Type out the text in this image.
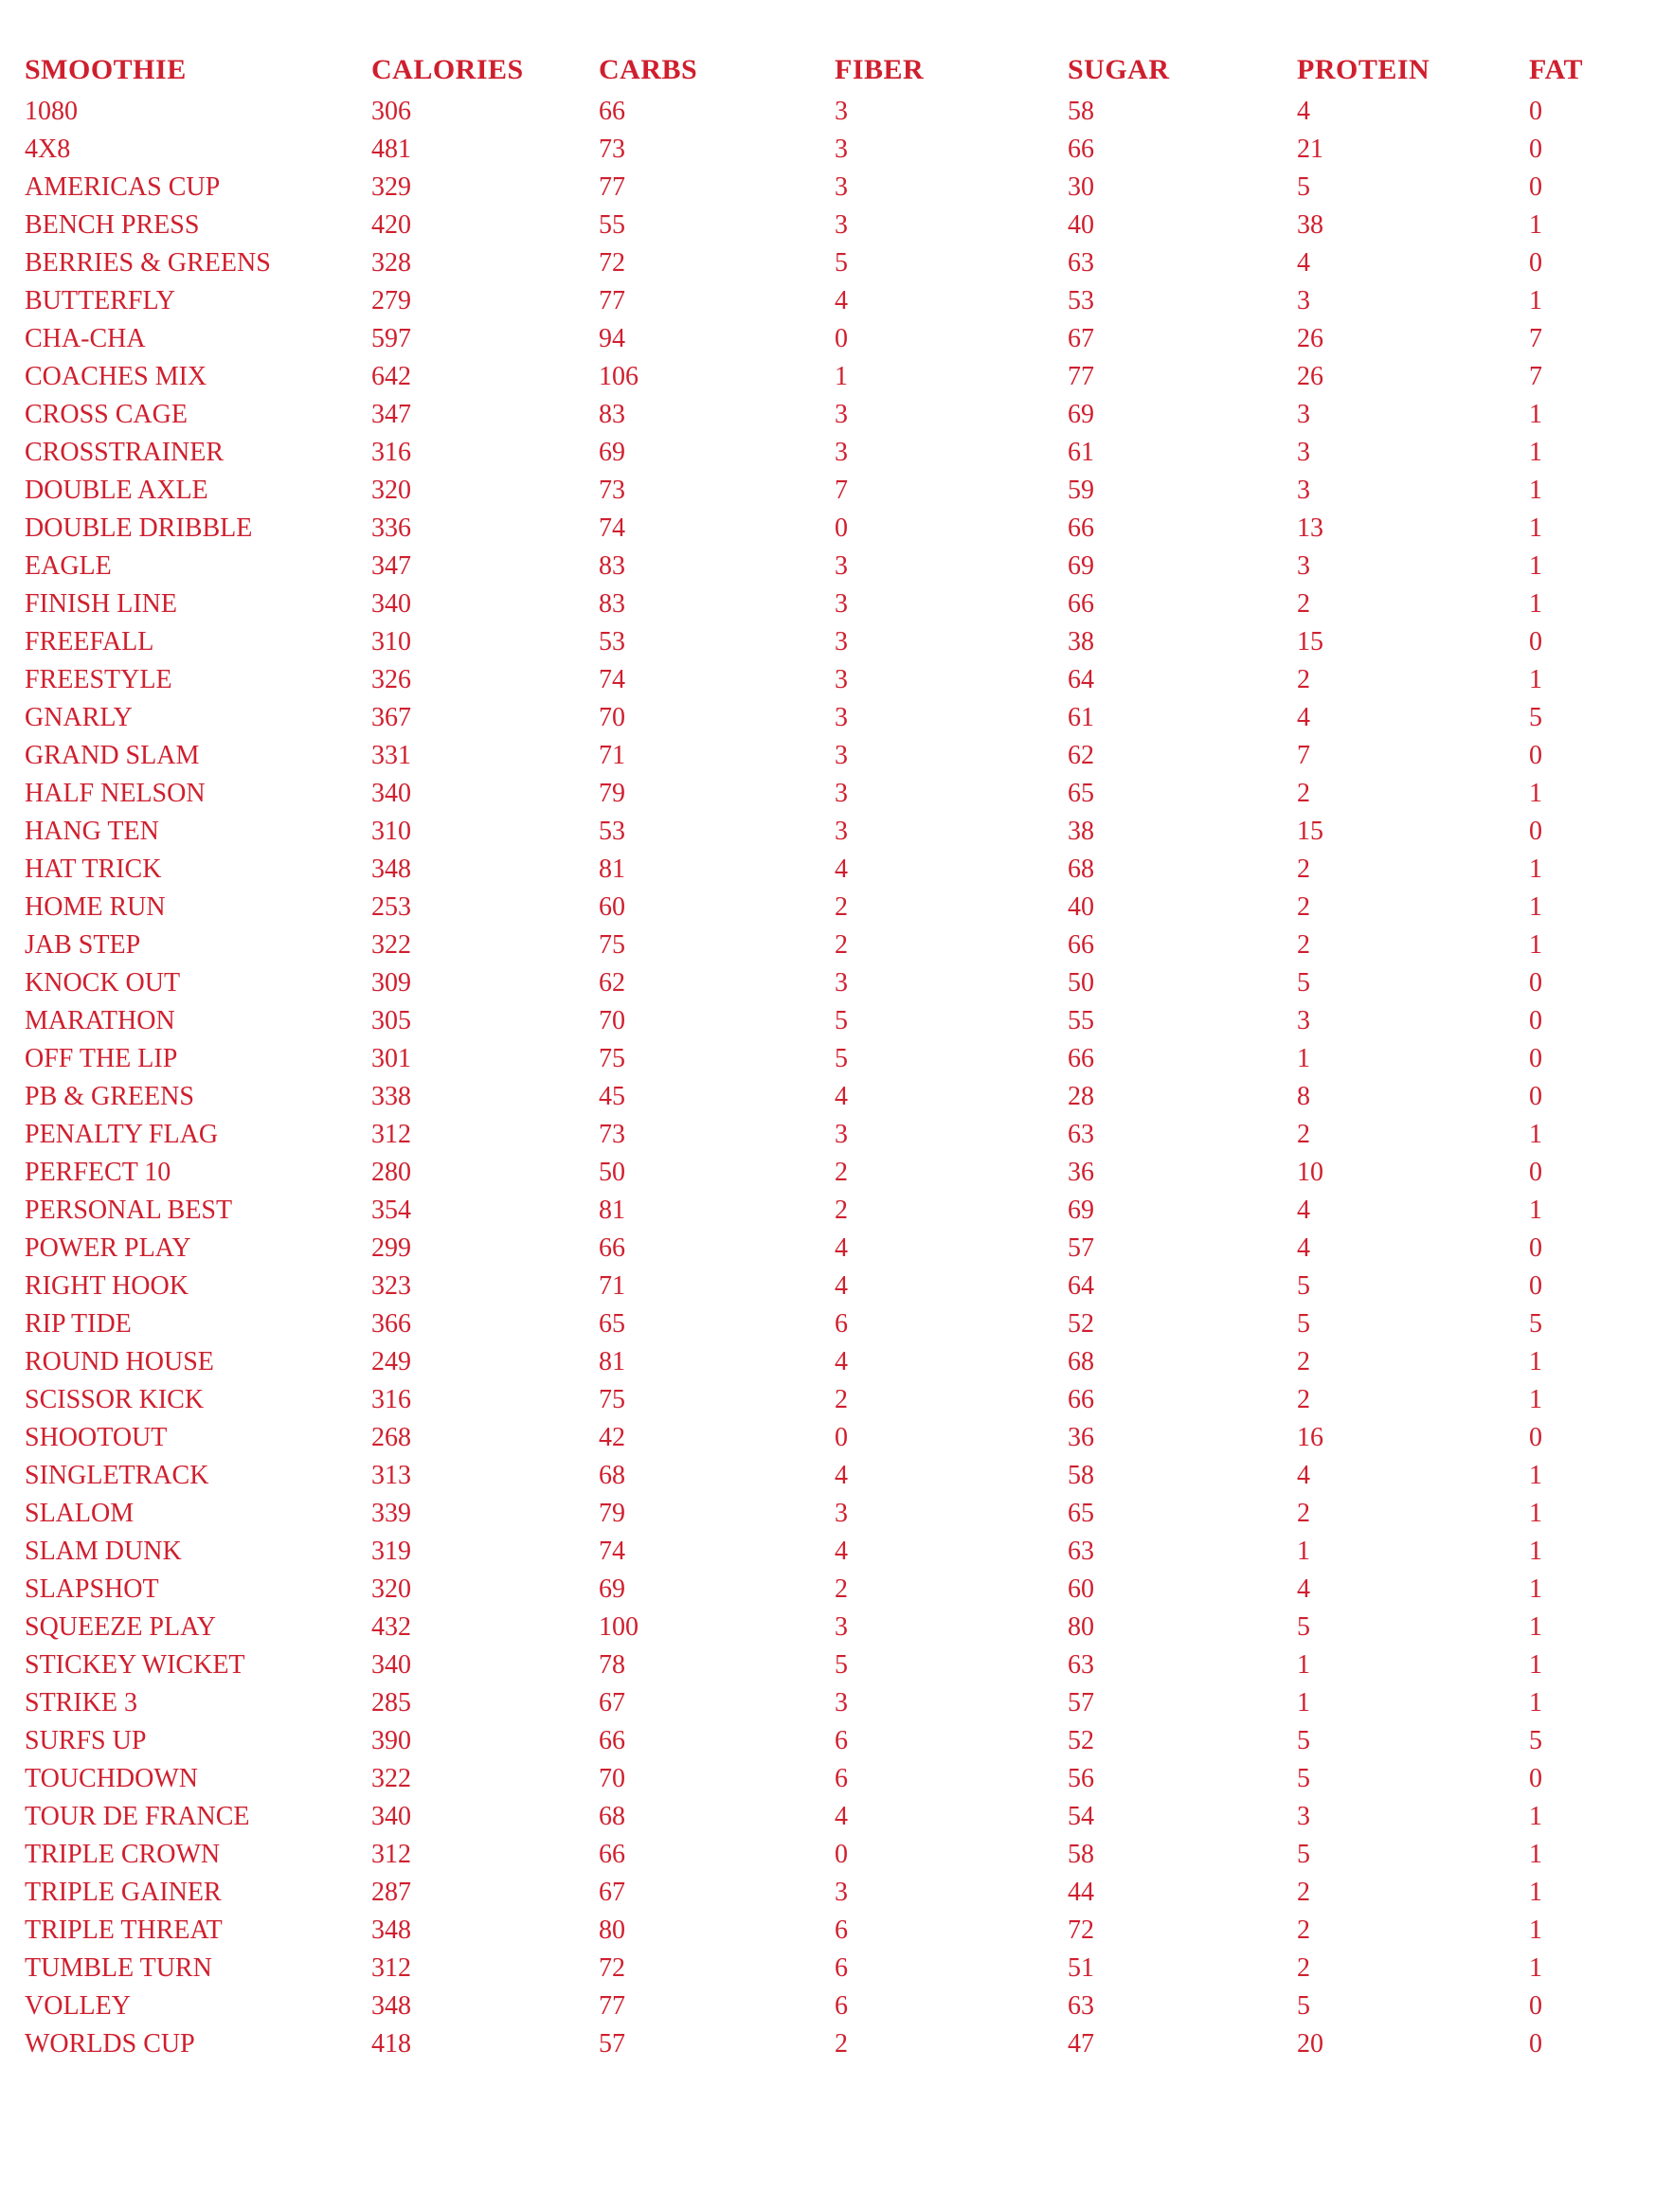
SMOOTHIE	CALORIES	CARBS	FIBER	SUGAR	PROTEIN	FAT
1080	306	66	3	58	4	0
4X8	481	73	3	66	21	0
AMERICAS CUP	329	77	3	30	5	0
BENCH PRESS	420	55	3	40	38	1
BERRIES & GREENS	328	72	5	63	4	0
BUTTERFLY	279	77	4	53	3	1
CHA-CHA	597	94	0	67	26	7
COACHES MIX	642	106	1	77	26	7
CROSS CAGE	347	83	3	69	3	1
CROSSTRAINER	316	69	3	61	3	1
DOUBLE AXLE	320	73	7	59	3	1
DOUBLE DRIBBLE	336	74	0	66	13	1
EAGLE	347	83	3	69	3	1
FINISH LINE	340	83	3	66	2	1
FREEFALL	310	53	3	38	15	0
FREESTYLE	326	74	3	64	2	1
GNARLY	367	70	3	61	4	5
GRAND SLAM	331	71	3	62	7	0
HALF NELSON	340	79	3	65	2	1
HANG TEN	310	53	3	38	15	0
HAT TRICK	348	81	4	68	2	1
HOME RUN	253	60	2	40	2	1
JAB STEP	322	75	2	66	2	1
KNOCK OUT	309	62	3	50	5	0
MARATHON	305	70	5	55	3	0
OFF THE LIP	301	75	5	66	1	0
PB & GREENS	338	45	4	28	8	0
PENALTY FLAG	312	73	3	63	2	1
PERFECT 10	280	50	2	36	10	0
PERSONAL BEST	354	81	2	69	4	1
POWER PLAY	299	66	4	57	4	0
RIGHT HOOK	323	71	4	64	5	0
RIP TIDE	366	65	6	52	5	5
ROUND HOUSE	249	81	4	68	2	1
SCISSOR KICK	316	75	2	66	2	1
SHOOTOUT	268	42	0	36	16	0
SINGLETRACK	313	68	4	58	4	1
SLALOM	339	79	3	65	2	1
SLAM DUNK	319	74	4	63	1	1
SLAPSHOT	320	69	2	60	4	1
SQUEEZE PLAY	432	100	3	80	5	1
STICKEY WICKET	340	78	5	63	1	1
STRIKE 3	285	67	3	57	1	1
SURFS UP	390	66	6	52	5	5
TOUCHDOWN	322	70	6	56	5	0
TOUR DE FRANCE	340	68	4	54	3	1
TRIPLE CROWN	312	66	0	58	5	1
TRIPLE GAINER	287	67	3	44	2	1
TRIPLE THREAT	348	80	6	72	2	1
TUMBLE TURN	312	72	6	51	2	1
VOLLEY	348	77	6	63	5	0
WORLDS CUP	418	57	2	47	20	0
